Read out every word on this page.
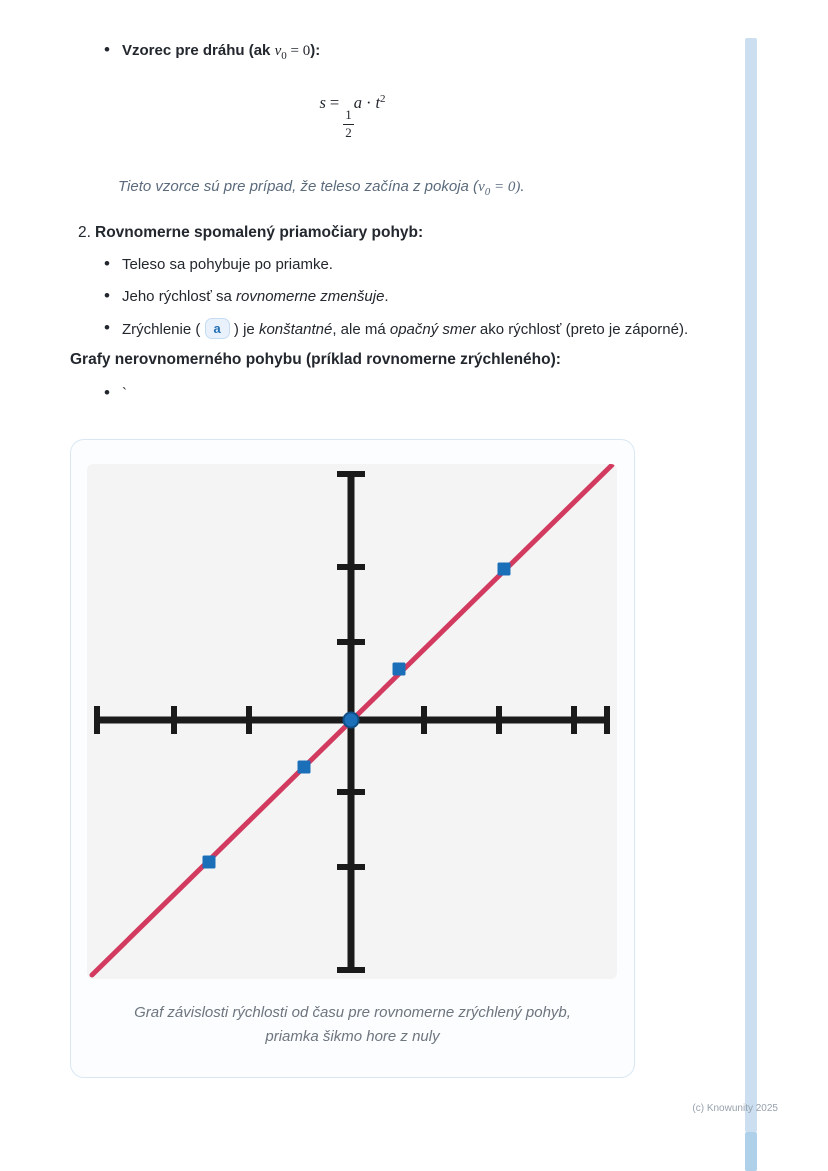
• Vzorec pre dráhu (ak $v_0 = 0$):
s =
$\frac{1}{2}$
$a \cdot t^2$

Tieto vzorce sú pre prípad, že teleso začína z pokoja $(v_0 = 0)$.

2. Rovnomerne spomalený priamočiary pohyb:
• Teleso sa pohybuje po priamke.
• Jeho rýchlosť sa rovnomerne zmenšuje.
• Zrýchlenie ( a ) je konštantné, ale má opačný smer ako rýchlosť (preto je záporné).

Grafy nerovnomerného pohybu (príklad rovnomerne zrýchleného):

• `
Graf závislosti rýchlosti od času pre rovnomerne zrýchlený pohyb,
priamka šikmo hore z nuly
(c) Knowunity 2025
